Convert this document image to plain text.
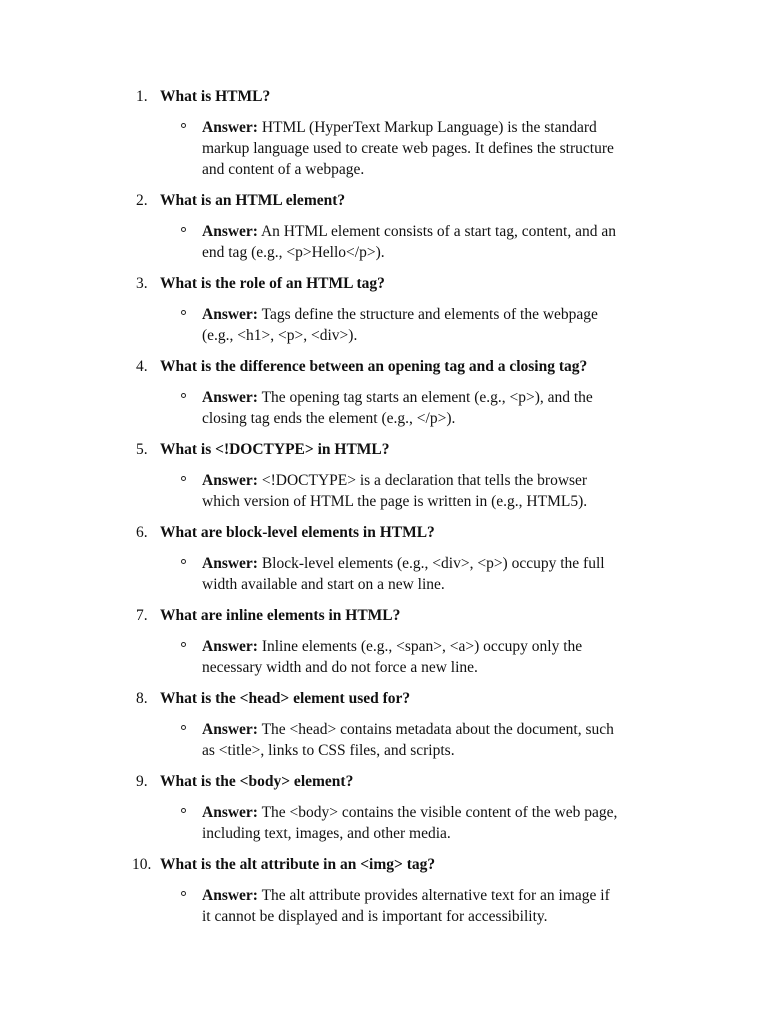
1. What is HTML?
Answer: HTML (HyperText Markup Language) is the standard
markup language used to create web pages. It defines the structure
and content of a webpage.
2. What is an HTML element?
Answer: An HTML element consists of a start tag, content, and an
end tag (e.g., <p>Hello</p>).
3. What is the role of an HTML tag?
Answer: Tags define the structure and elements of the webpage
(e.g., <h1>, <p>, <div>).
4. What is the difference between an opening tag and a closing tag?
Answer: The opening tag starts an element (e.g., <p>), and the
closing tag ends the element (e.g., </p>).
5. What is <!DOCTYPE> in HTML?
Answer: <!DOCTYPE> is a declaration that tells the browser
which version of HTML the page is written in (e.g., HTML5).
6. What are block-level elements in HTML?
Answer: Block-level elements (e.g., <div>, <p>) occupy the full
width available and start on a new line.
7. What are inline elements in HTML?
Answer: Inline elements (e.g., <span>, <a>) occupy only the
necessary width and do not force a new line.
8. What is the <head> element used for?
Answer: The <head> contains metadata about the document, such
as <title>, links to CSS files, and scripts.
9. What is the <body> element?
Answer: The <body> contains the visible content of the web page,
including text, images, and other media.
10. What is the alt attribute in an <img> tag?
Answer: The alt attribute provides alternative text for an image if
it cannot be displayed and is important for accessibility.
